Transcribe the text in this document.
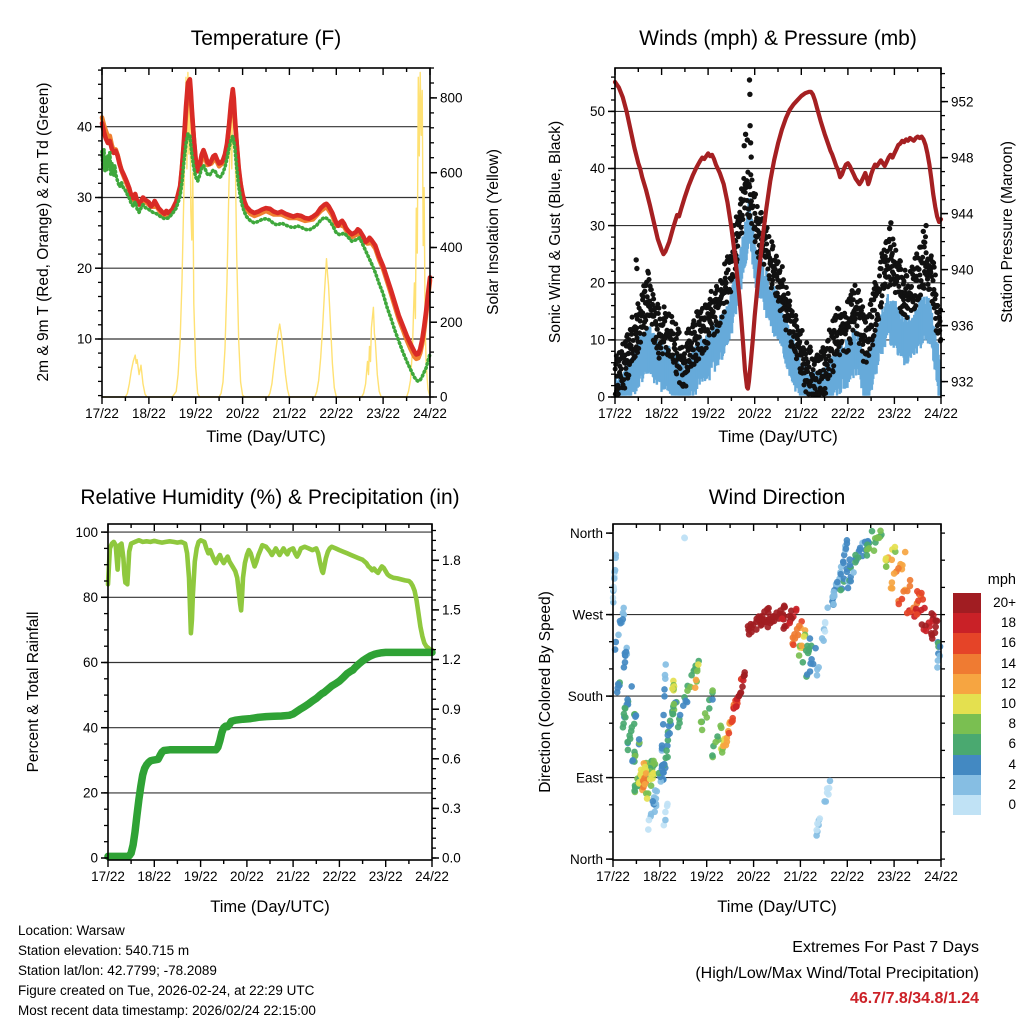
17/22 18/22 19/22 20/22 21/22 22/22 23/22 24/22
10
20
30
40
0
200
400
600
800
17/22 18/22 19/22 20/22 21/22 22/22 23/22 24/22
0
10
20
30
40
50
932
936
940
944
948
952
17/22 18/22 19/22 20/22 21/22 22/22 23/22 24/22
0
20
40
60
80
100
0.0
0.3
0.6
0.9
1.2
1.5
1.8
17/22 18/22 19/22 20/22 21/22 22/22 23/22 24/22
North
West
South
East
North
Temperature (F)	Winds (mph) & Pressure (mb)
Relative Humidity (%) & Precipitation (in)	Wind Direction
Time (Day/UTC)	Time (Day/UTC)
Time (Day/UTC)	Time (Day/UTC)
2m & 9m T (Red, Orange) & 2m Td (Green)	Solar Insolation (Yellow)	Sonic Wind & Gust (Blue, Black)	Station Pressure (Maroon)
Percent & Total Rainfall	Direction (Colored By Speed)
Location: Warsaw
Station elevation: 540.715 m
Station lat/lon: 42.7799; -78.2089
Figure created on Tue, 2026-02-24, at 22:29 UTC
Most recent data timestamp: 2026/02/24 22:15:00
Extremes For Past 7 Days
(High/Low/Max Wind/Total Precipitation)
46.7/7.8/34.8/1.24
mph
20+
18
16
14
12
10
8
6
4
2
0
